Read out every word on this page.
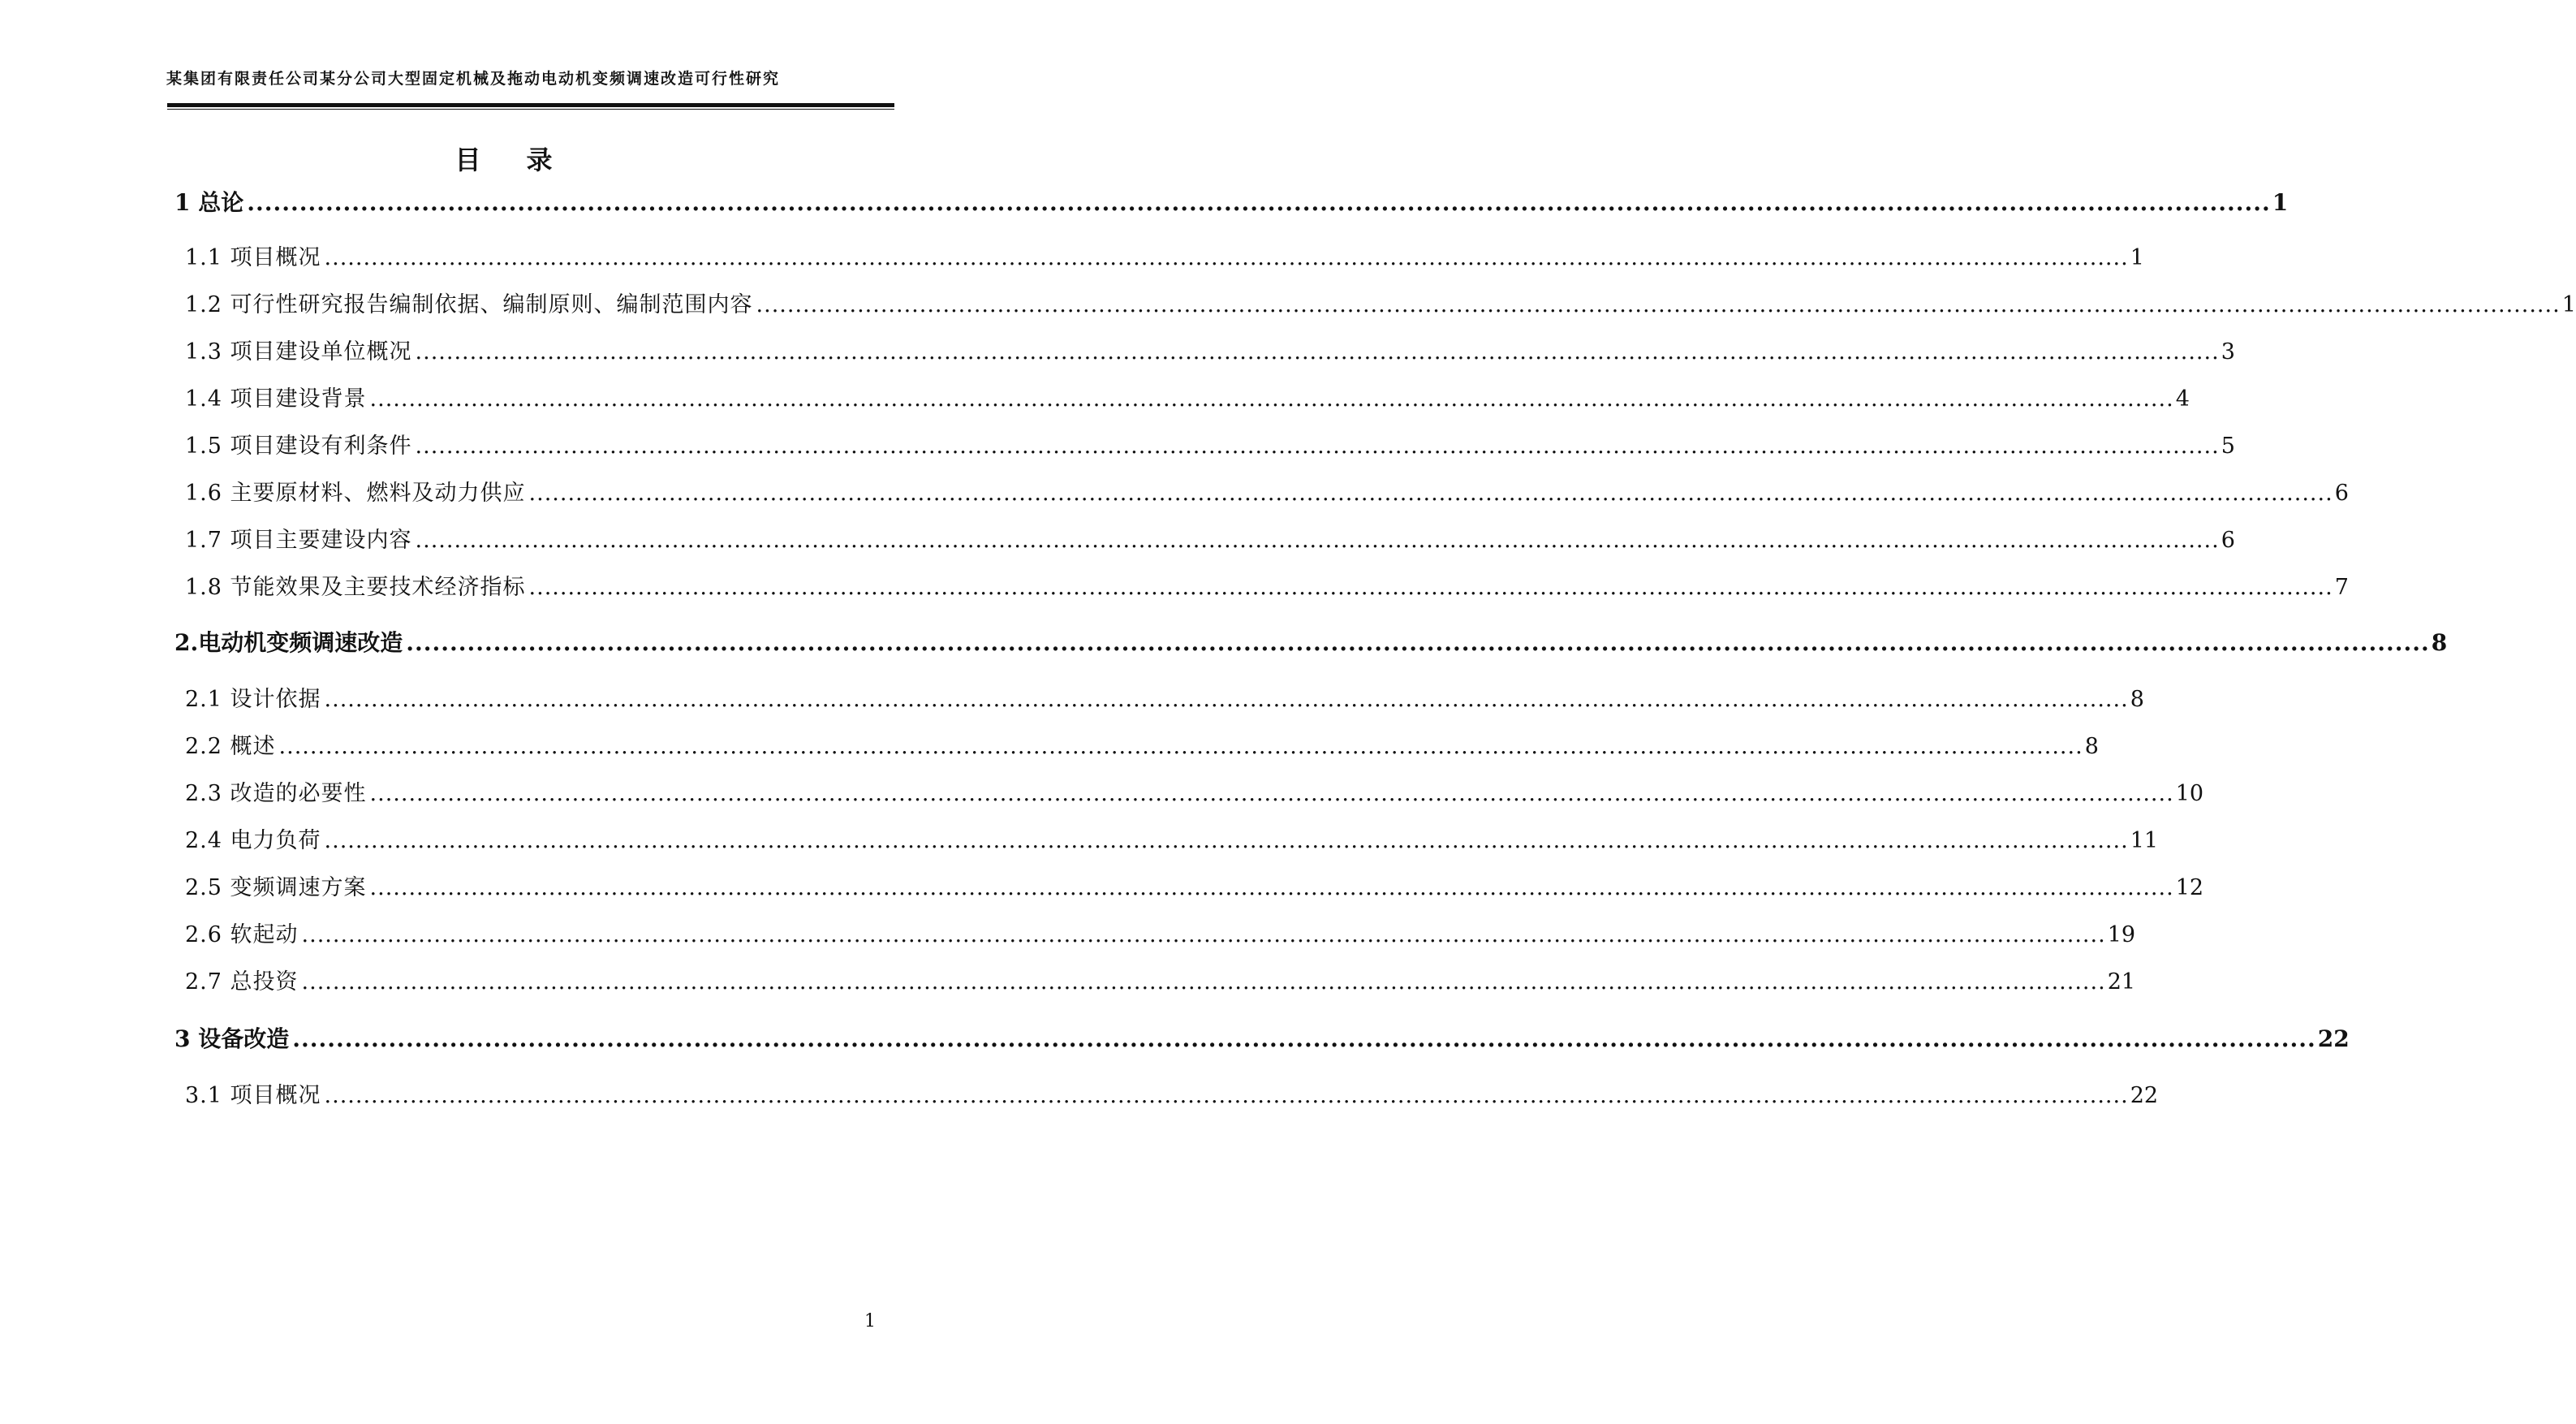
某集团有限责任公司某分公司大型固定机械及拖动电动机变频调速改造可行性研究
目录
1 总论 ........................................................................................................................................................................................................................................ 1
1.1 项目概况 ........................................................................................................................................................................................................................................ 1
1.2 可行性研究报告编制依据、编制原则、编制范围内容 ........................................................................................................................................................................................................................................ 1
1.3 项目建设单位概况 ........................................................................................................................................................................................................................................ 3
1.4 项目建设背景 ........................................................................................................................................................................................................................................ 4
1.5 项目建设有利条件 ........................................................................................................................................................................................................................................ 5
1.6 主要原材料、燃料及动力供应 ........................................................................................................................................................................................................................................ 6
1.7 项目主要建设内容 ........................................................................................................................................................................................................................................ 6
1.8 节能效果及主要技术经济指标 ........................................................................................................................................................................................................................................ 7
2.电动机变频调速改造 ........................................................................................................................................................................................................................................ 8
2.1 设计依据 ........................................................................................................................................................................................................................................ 8
2.2 概述 ........................................................................................................................................................................................................................................ 8
2.3 改造的必要性 ........................................................................................................................................................................................................................................ 10
2.4 电力负荷 ........................................................................................................................................................................................................................................ 11
2.5 变频调速方案 ........................................................................................................................................................................................................................................ 12
2.6 软起动 ........................................................................................................................................................................................................................................ 19
2.7 总投资 ........................................................................................................................................................................................................................................ 21
3 设备改造 ........................................................................................................................................................................................................................................ 22
3.1 项目概况 ........................................................................................................................................................................................................................................ 22
1
